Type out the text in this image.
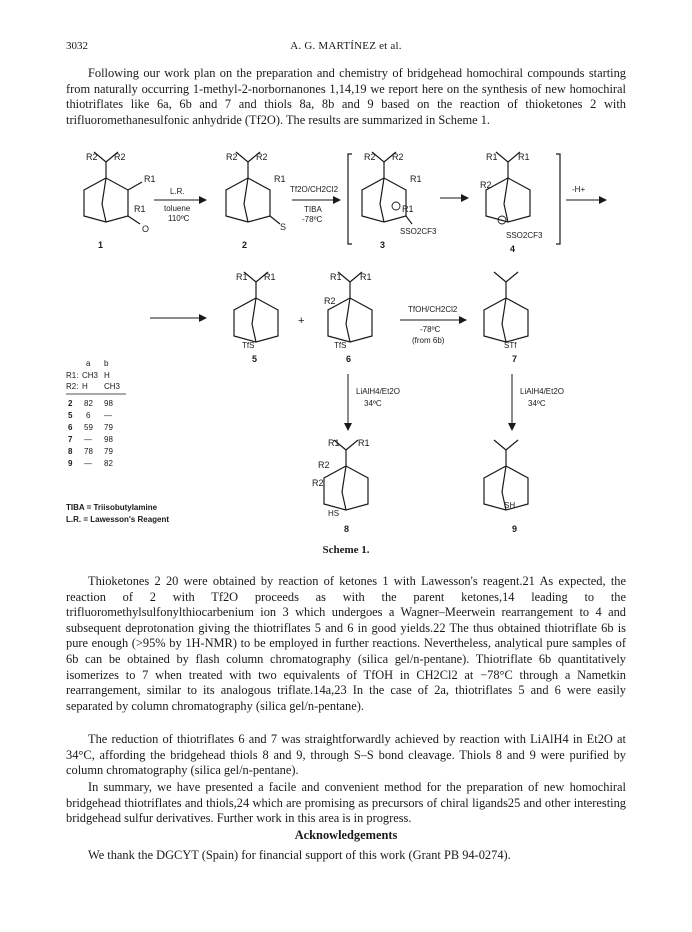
3032	A. G. MARTÍNEZ et al.

Following our work plan on the preparation and chemistry of bridgehead homochiral compounds starting from naturally occurring 1-methyl-2-norbornanones 1,14,19 we report here on the synthesis of new homochiral thiotriflates like 6a, 6b and 7 and thiols 8a, 8b and 9 based on the reaction of thioketones 2 with trifluoromethanesulfonic anhydride (Tf2O). The results are summarized in Scheme 1.

R2 R2
R1
R1
O
1
L.R.
toluene
110ºC
R2 R2
R1
S
2
Tf2O/CH2Cl2
TIBA
-78ºC
R2 R2
R1
R1
SSO2CF3
3
R1 R1
R2
SSO2CF3
4
-H+
R1 R1
TfS
5
+
R1 R1
R2
TfS
6
TfOH/CH2Cl2
-78ºC
(from 6b)
STf
7
LiAlH4/Et2O
34ºC
LiAlH4/Et2O
34ºC
R1 R1
R2
R2
HS
8
SH
9
a b
R1: CH3 H
R2: H CH3
2 82 98
5 6 —
6 59 79
7 — 98
8 78 79
9 — 82
TIBA = Triisobutylamine
L.R. = Lawesson's Reagent
Scheme 1.

Thioketones 2 20 were obtained by reaction of ketones 1 with Lawesson's reagent.21 As expected, the reaction of 2 with Tf2O proceeds as with the parent ketones,14 leading to the trifluoromethylsulfonylthiocarbenium ion 3 which undergoes a Wagner–Meerwein rearrangement to 4 and subsequent deprotonation giving the thiotriflates 5 and 6 in good yields.22 The thus obtained thiotriflate 6b is pure enough (>95% by 1H-NMR) to be employed in further reactions. Nevertheless, analytical pure samples of 6b can be obtained by flash column chromatography (silica gel/n-pentane). Thiotriflate 6b quantitatively isomerizes to 7 when treated with two equivalents of TfOH in CH2Cl2 at −78°C through a Nametkin rearrangement, similar to its analogous triflate.14a,23 In the case of 2a, thiotriflates 5 and 6 were easily separated by column chromatography (silica gel/n-pentane).

The reduction of thiotriflates 6 and 7 was straightforwardly achieved by reaction with LiAlH4 in Et2O at 34°C, affording the bridgehead thiols 8 and 9, through S–S bond cleavage. Thiols 8 and 9 were purified by column chromatography (silica gel/n-pentane).

In summary, we have presented a facile and convenient method for the preparation of new homochiral bridgehead thiotriflates and thiols,24 which are promising as precursors of chiral ligands25 and other interesting bridgehead sulfur derivatives. Further work in this area is in progress.

Acknowledgements

We thank the DGCYT (Spain) for financial support of this work (Grant PB 94-0274).
